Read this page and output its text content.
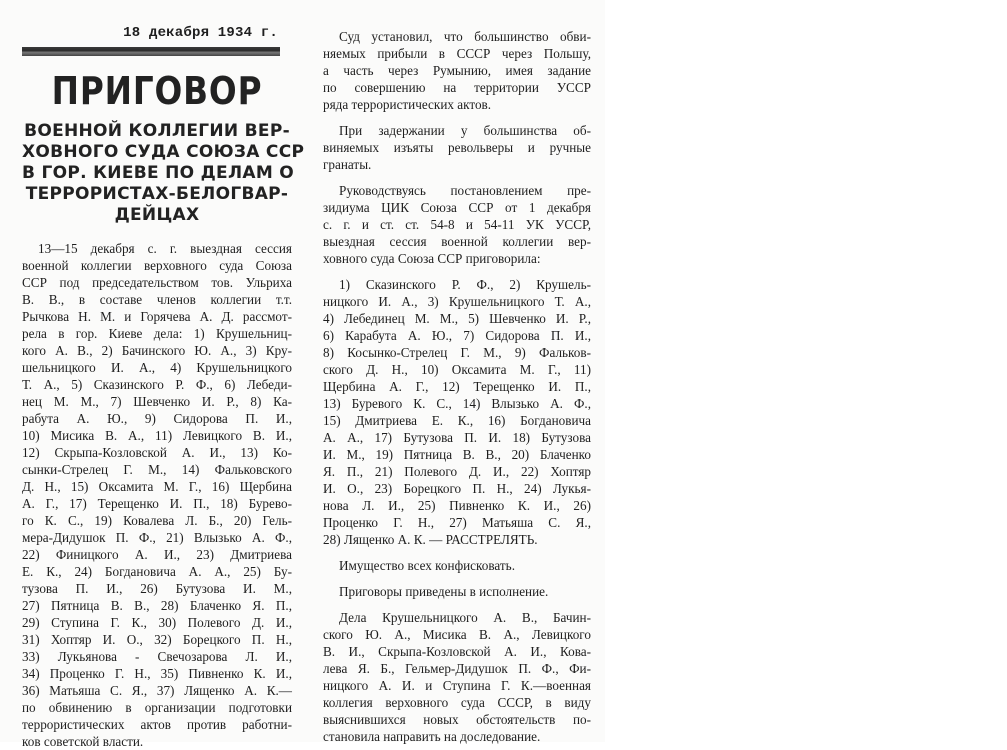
18 декабря 1934 г.
ПРИГОВОР
ВОЕННОЙ КОЛЛЕГИИ ВЕР-
ХОВНОГО СУДА СОЮЗА ССР
В ГОР. КИЕВЕ ПО ДЕЛАМ О
ТЕРРОРИСТАХ-БЕЛОГВАР-
ДЕЙЦАХ
13—15 декабря с. г. выездная сессия
военной коллегии верховного суда Союза
ССР под председательством тов. Ульриха
В. В., в составе членов коллегии т.т.
Рычкова Н. М. и Горячева А. Д. рассмот-
рела в гор. Киеве дела: 1) Крушельниц-
кого А. В., 2) Бачинского Ю. А., 3) Кру-
шельницкого И. А., 4) Крушельницкого
Т. А., 5) Сказинского Р. Ф., 6) Лебеди-
нец М. М., 7) Шевченко И. Р., 8) Ка-
рабута А. Ю., 9) Сидорова П. И.,
10) Мисика В. А., 11) Левицкого В. И.,
12) Скрыпа-Козловской А. И., 13) Ко-
сынки-Стрелец Г. М., 14) Фальковского
Д. Н., 15) Оксамита М. Г., 16) Щербина
А. Г., 17) Терещенко И. П., 18) Бурево-
го К. С., 19) Ковалева Л. Б., 20) Гель-
мера-Дидушок П. Ф., 21) Влызько А. Ф.,
22) Финицкого А. И., 23) Дмитриева
Е. К., 24) Богдановича А. А., 25) Бу-
тузова П. И., 26) Бутузова И. М.,
27) Пятница В. В., 28) Блаченко Я. П.,
29) Ступина Г. К., 30) Полевого Д. И.,
31) Хоптяр И. О., 32) Борецкого П. Н.,
33) Лукьянова - Свечозарова Л. И.,
34) Проценко Г. Н., 35) Пивненко К. И.,
36) Матьяша С. Я., 37) Лященко А. К.—
по обвинению в организации подготовки
террористических актов против работни-
ков советской власти.
Суд установил, что большинство обви-
няемых прибыли в СССР через Польшу,
а часть через Румынию, имея задание
по совершению на территории УССР
ряда террористических актов.
При задержании у большинства об-
виняемых изъяты револьверы и ручные
гранаты.
Руководствуясь постановлением пре-
зидиума ЦИК Союза ССР от 1 декабря
с. г. и ст. ст. 54-8 и 54-11 УК УССР,
выездная сессия военной коллегии вер-
ховного суда Союза ССР приговорила:
1) Сказинского Р. Ф., 2) Крушель-
ницкого И. А., 3) Крушельницкого Т. А.,
4) Лебединец М. М., 5) Шевченко И. Р.,
6) Карабута А. Ю., 7) Сидорова П. И.,
8) Косынко-Стрелец Г. М., 9) Фальков-
ского Д. Н., 10) Оксамита М. Г., 11)
Щербина А. Г., 12) Терещенко И. П.,
13) Буревого К. С., 14) Влызько А. Ф.,
15) Дмитриева Е. К., 16) Богдановича
А. А., 17) Бутузова П. И. 18) Бутузова
И. М., 19) Пятница В. В., 20) Блаченко
Я. П., 21) Полевого Д. И., 22) Хоптяр
И. О., 23) Борецкого П. Н., 24) Лукья-
нова Л. И., 25) Пивненко К. И., 26)
Проценко Г. Н., 27) Матьяша С. Я.,
28) Лященко А. К. — РАССТРЕЛЯТЬ.
Имущество всех конфисковать.
Приговоры приведены в исполнение.
Дела Крушельницкого А. В., Бачин-
ского Ю. А., Мисика В. А., Левицкого
В. И., Скрыпа-Козловской А. И., Кова-
лева Я. Б., Гельмер-Дидушок П. Ф., Фи-
ницкого А. И. и Ступина Г. К.—военная
коллегия верховного суда СССР, в виду
выяснившихся новых обстоятельств по-
становила направить на доследование.
